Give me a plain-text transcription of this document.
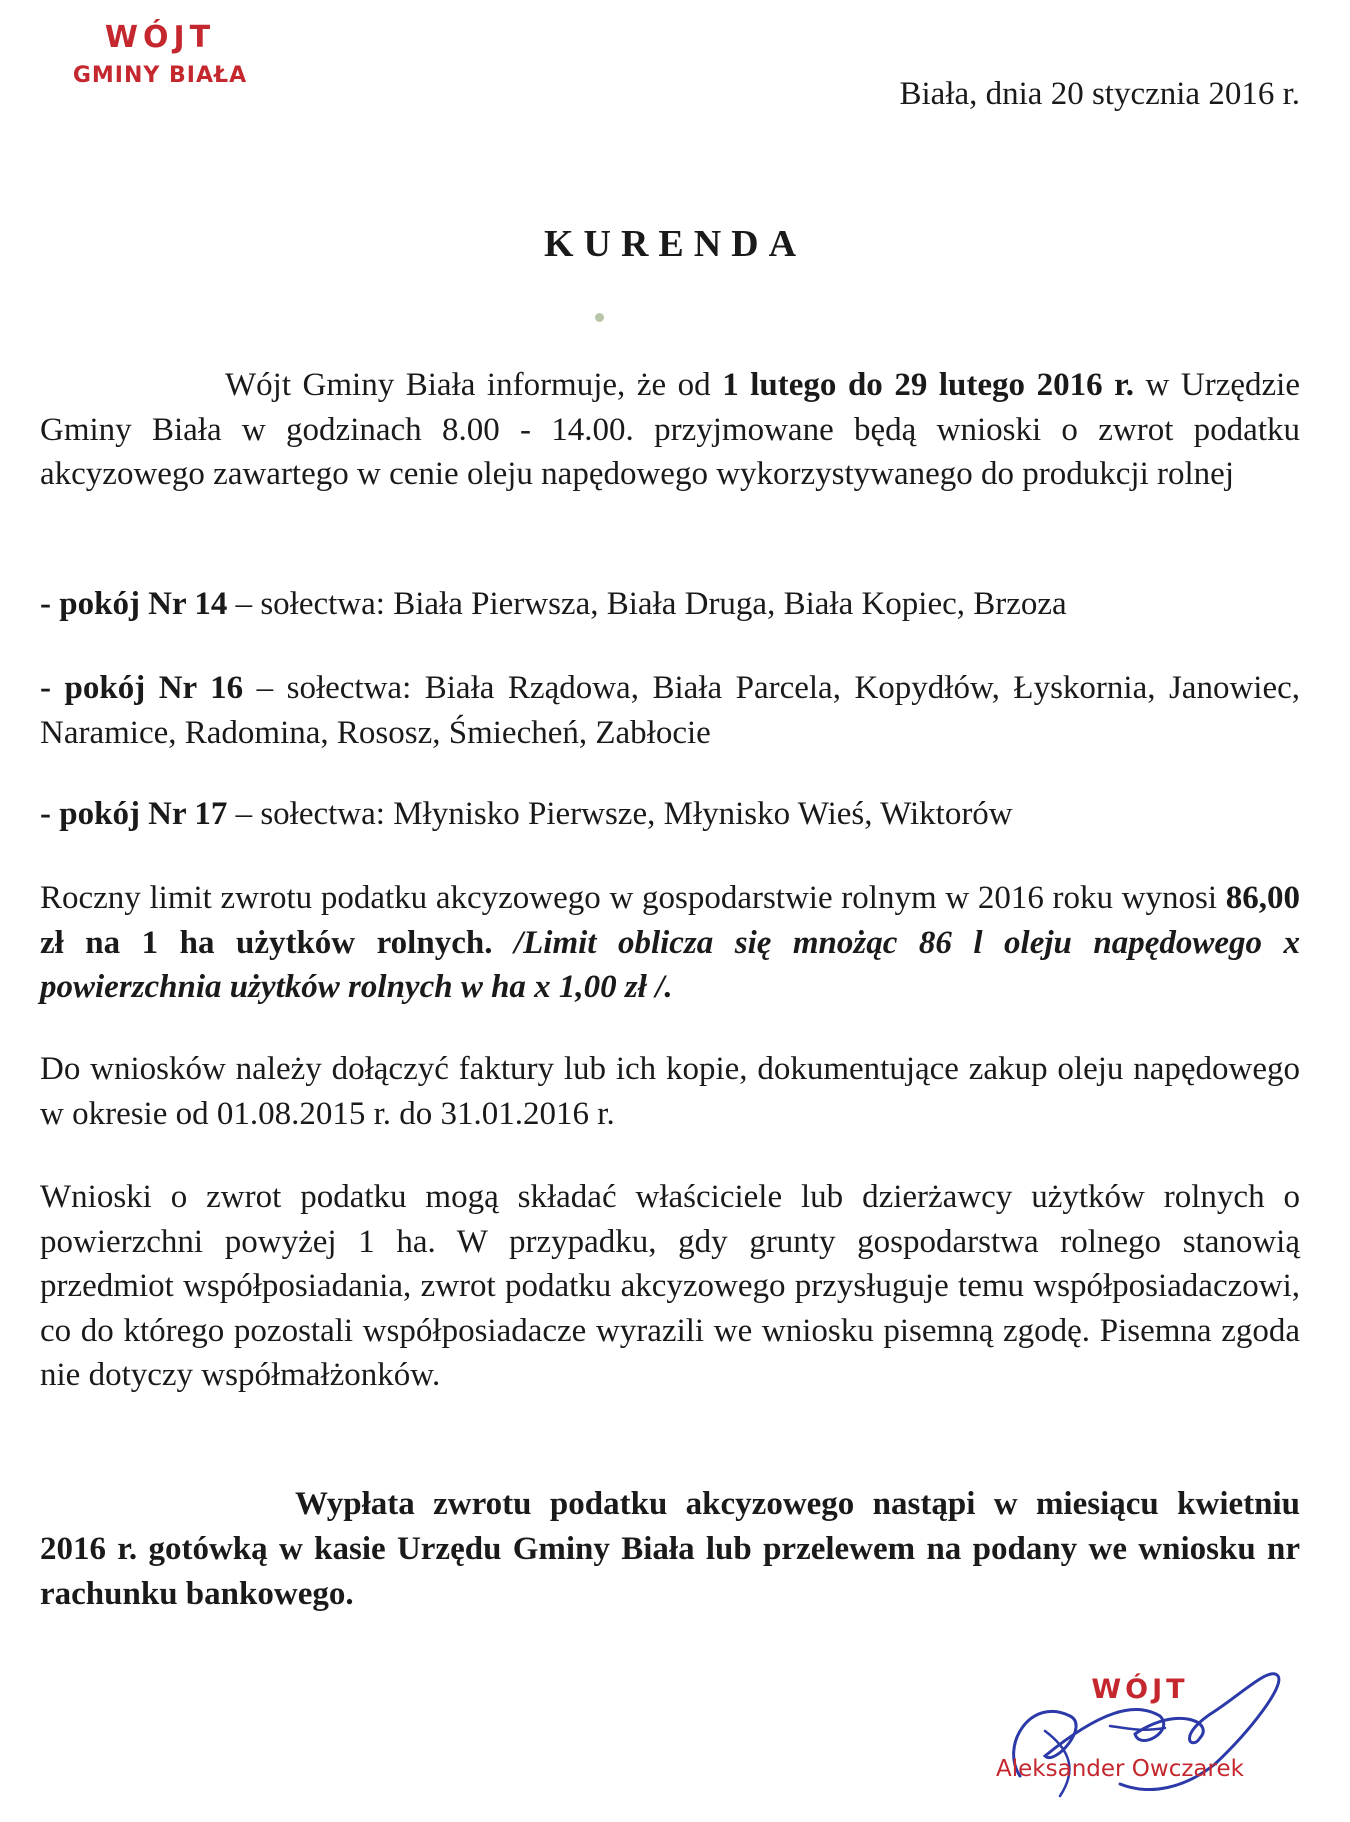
WÓJT
GMINY BIAŁA
Biała, dnia 20 stycznia 2016 r.
KURENDA

Wójt Gminy Biała informuje, że od 1 lutego do 29 lutego 2016 r. w Urzędzie Gminy Biała w godzinach 8.00 - 14.00. przyjmowane będą wnioski o zwrot podatku akcyzowego zawartego w cenie oleju napędowego wykorzystywanego do produkcji rolnej

- pokój Nr 14 – sołectwa: Biała Pierwsza, Biała Druga, Biała Kopiec, Brzoza

- pokój Nr 16 – sołectwa: Biała Rządowa, Biała Parcela, Kopydłów, Łyskornia, Janowiec, Naramice, Radomina, Rososz, Śmiecheń, Zabłocie

- pokój Nr 17 – sołectwa: Młynisko Pierwsze, Młynisko Wieś, Wiktorów

Roczny limit zwrotu podatku akcyzowego w gospodarstwie rolnym w 2016 roku wynosi 86,00 zł na 1 ha użytków rolnych. /Limit oblicza się mnożąc 86 l oleju napędowego x powierzchnia użytków rolnych w ha x 1,00 zł /.

Do wniosków należy dołączyć faktury lub ich kopie, dokumentujące zakup oleju napędowego w okresie od 01.08.2015 r. do 31.01.2016 r.

Wnioski o zwrot podatku mogą składać właściciele lub dzierżawcy użytków rolnych o powierzchni powyżej 1 ha. W przypadku, gdy grunty gospodarstwa rolnego stanowią przedmiot współposiadania, zwrot podatku akcyzowego przysługuje temu współposiadaczowi, co do którego pozostali współposiadacze wyrazili we wniosku pisemną zgodę. Pisemna zgoda nie dotyczy współmałżonków.

Wypłata zwrotu podatku akcyzowego nastąpi w miesiącu kwietniu 2016 r. gotówką w kasie Urzędu Gminy Biała lub przelewem na podany we wniosku nr rachunku bankowego.

WÓJT
Aleksander Owczarek
